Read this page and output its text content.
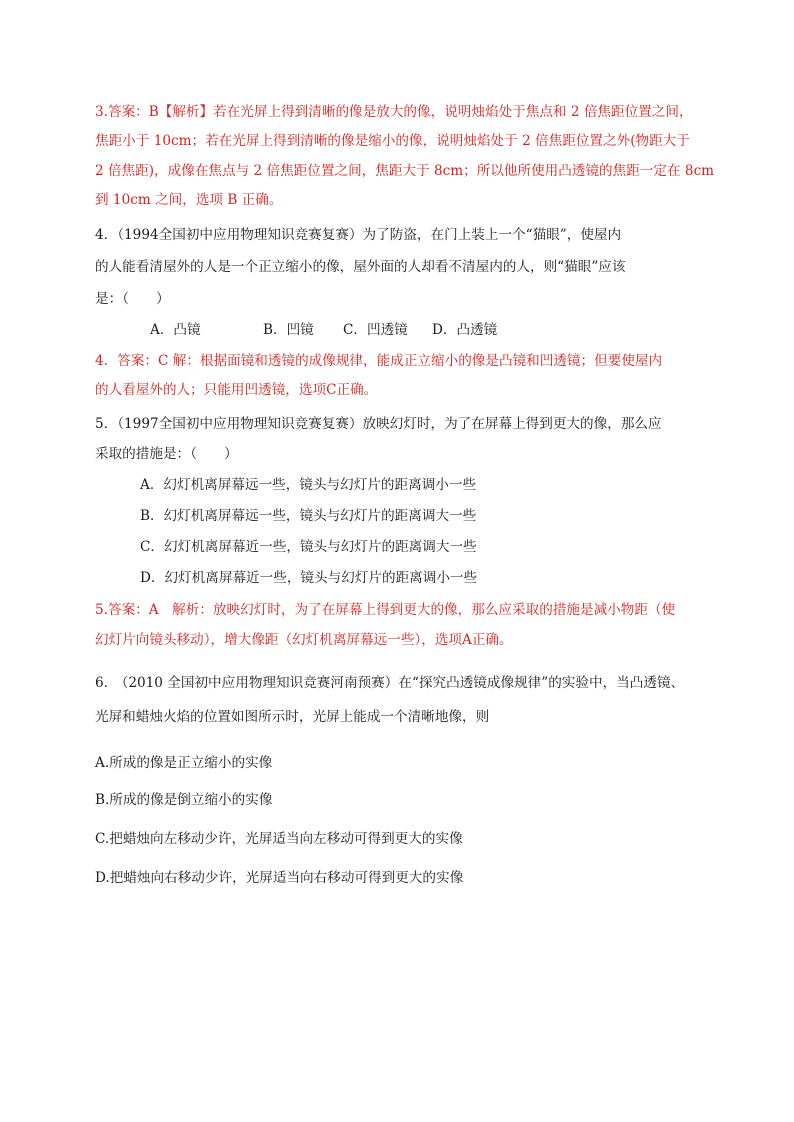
3.答案：B【解析】若在光屏上得到清晰的像是放大的像，说明烛焰处于焦点和 2 倍焦距位置之间，
焦距小于 10cm；若在光屏上得到清晰的像是缩小的像，说明烛焰处于 2 倍焦距位置之外(物距大于
2 倍焦距)，成像在焦点与 2 倍焦距位置之间，焦距大于 8cm；所以他所使用凸透镜的焦距一定在 8cm
到 10cm 之间，选项 B 正确。
4．（1994全国初中应用物理知识竞赛复赛）为了防盗，在门上装上一个“猫眼”，使屋内
的人能看清屋外的人是一个正立缩小的像，屋外面的人却看不清屋内的人，则“猫眼”应该
是：（　　）
A．凸镜	B．凹镜 C．凹透镜 D．凸透镜
4．答案：C 解：根据面镜和透镜的成像规律，能成正立缩小的像是凸镜和凹透镜；但要使屋内
的人看屋外的人；只能用凹透镜，选项C正确。
5．（1997全国初中应用物理知识竞赛复赛）放映幻灯时，为了在屏幕上得到更大的像，那么应
采取的措施是：（　　）
A．幻灯机离屏幕远一些，镜头与幻灯片的距离调小一些
B．幻灯机离屏幕远一些，镜头与幻灯片的距离调大一些
C．幻灯机离屏幕近一些，镜头与幻灯片的距离调大一些
D．幻灯机离屏幕近一些，镜头与幻灯片的距离调小一些
5.答案：A　解析：放映幻灯时，为了在屏幕上得到更大的像，那么应采取的措施是减小物距（使
幻灯片向镜头移动），增大像距（幻灯机离屏幕远一些），选项A正确。
6.　（2010 全国初中应用物理知识竞赛河南预赛）在“探究凸透镜成像规律”的实验中，当凸透镜、
光屏和蜡烛火焰的位置如图所示时，光屏上能成一个清晰地像，则
A.所成的像是正立缩小的实像
B.所成的像是倒立缩小的实像
C.把蜡烛向左移动少许，光屏适当向左移动可得到更大的实像
D.把蜡烛向右移动少许，光屏适当向右移动可得到更大的实像
